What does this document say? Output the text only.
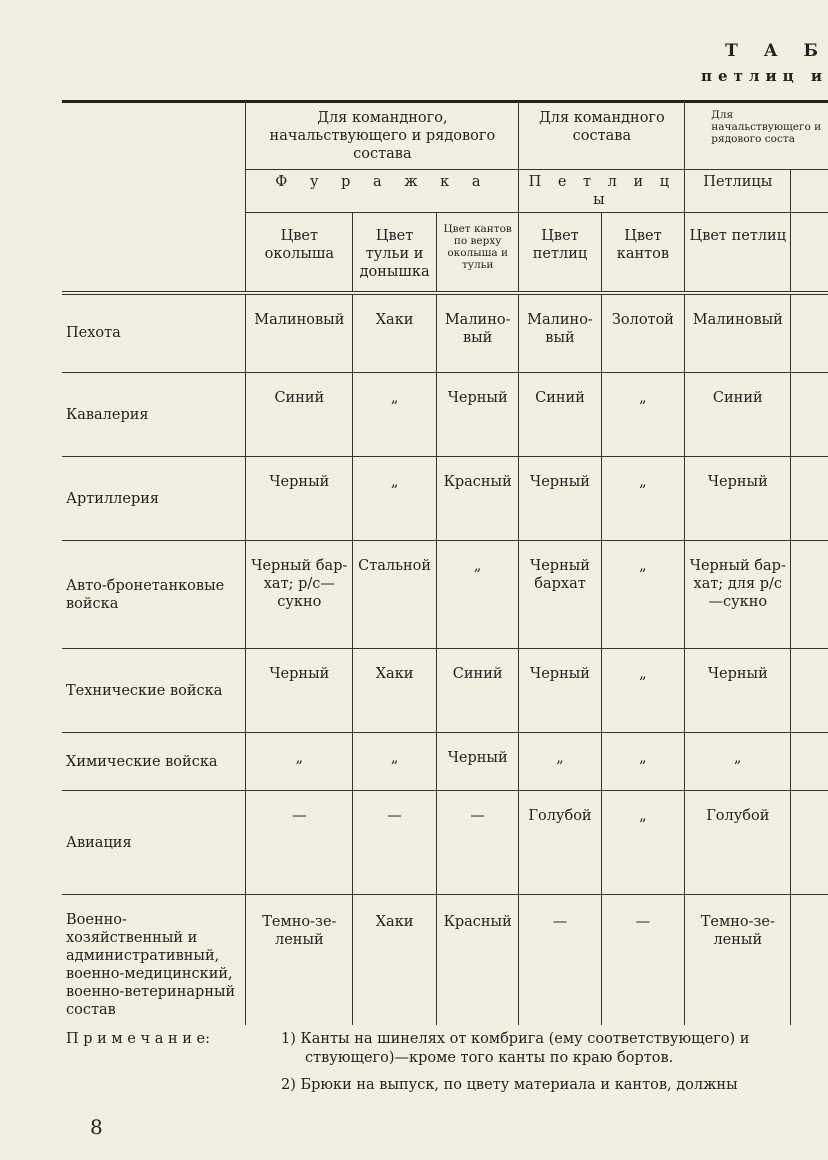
Т А Б
петлиц и
	Для командного, начальствующего и рядового состава			Для командного состава		Для начальствующего и рядового соста	
	Ф у р а ж к а			П е т л и ц ы		Петлицы	
	Цвет околыша	Цвет тульи и донышка	Цвет кантов по верху околыша и тульи	Цвет петлиц	Цвет кантов	Цвет петлиц	
Пехота	Малиновый	Хаки	Малино-вый	Малино-вый	Золотой	Малиновый	
Кавалерия	Синий	„	Черный	Синий	„	Синий	
Артиллерия	Черный	„	Красный	Черный	„	Черный	
Авто-бронетанковые войска	Черный бар-хат; р/с—сукно	Стальной	„	Черный бархат	„	Черный бар-хат; для р/с—сукно	
Технические войска	Черный	Хаки	Синий	Черный	„	Черный	
Химические войска	„	„	Черный	„	„	„	
Авиация	—	—	—	Голубой	„	Голубой	
Военно-хозяйственный и административный, военно-медицинский, военно-ветеринарный состав	Темно-зе-леный	Хаки	Красный	—	—	Темно-зе-леный	
П р и м е ч а н и е:	1) Канты на шинелях от комбрига (ему соответствующего) и ствующего)—кроме того канты по краю бортов.

2) Брюки на выпуск, по цвету материала и кантов, должны

8
